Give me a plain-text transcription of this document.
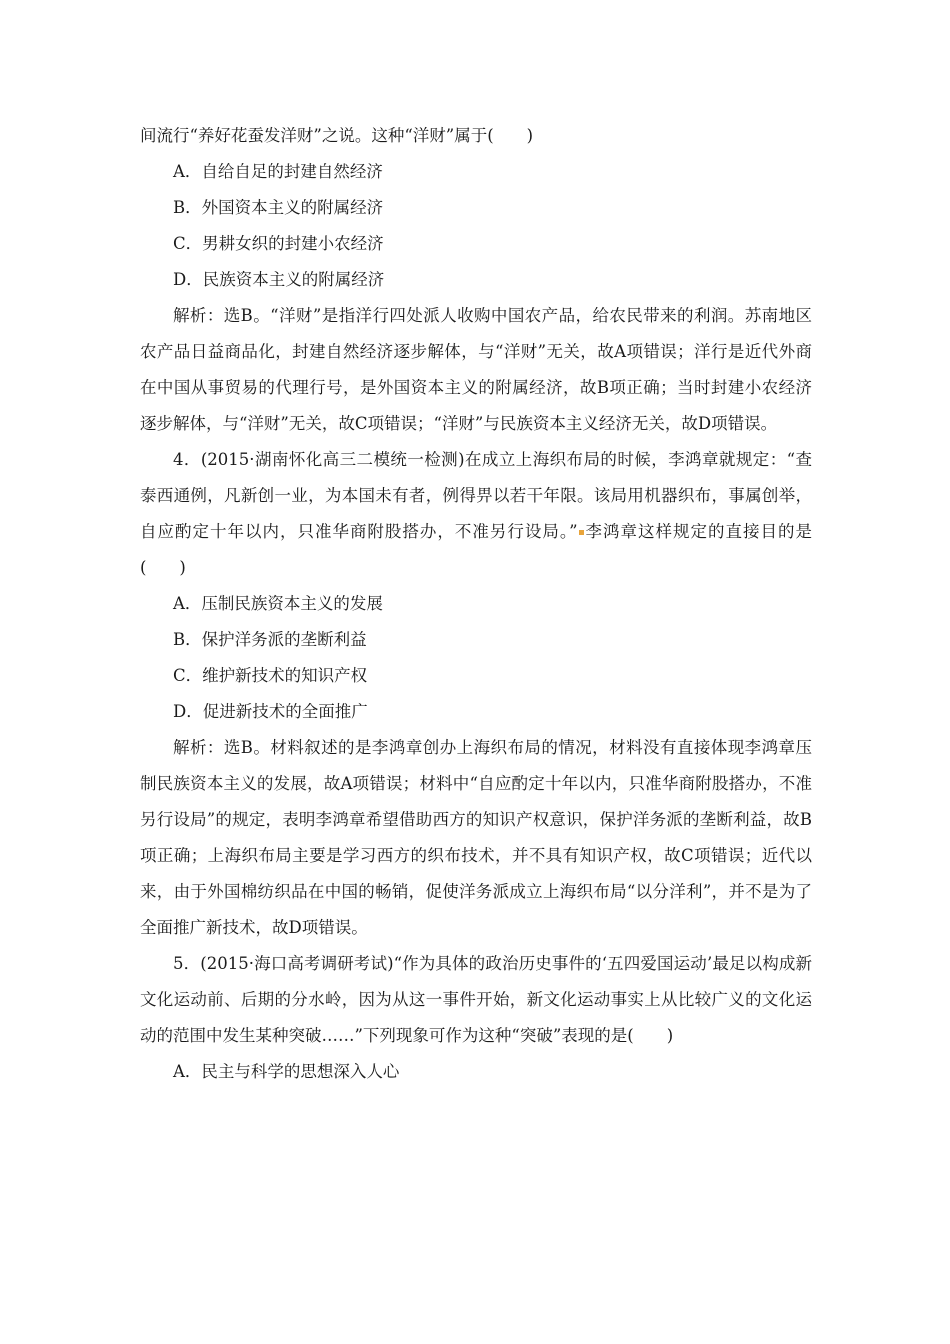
间流行“养好花蚕发洋财”之说。这种“洋财”属于(　　)

A．自给自足的封建自然经济

B．外国资本主义的附属经济

C．男耕女织的封建小农经济

D．民族资本主义的附属经济

解析：选B。“洋财”是指洋行四处派人收购中国农产品，给农民带来的利润。苏南地区农产品日益商品化，封建自然经济逐步解体，与“洋财”无关，故A项错误；洋行是近代外商在中国从事贸易的代理行号，是外国资本主义的附属经济，故B项正确；当时封建小农经济逐步解体，与“洋财”无关，故C项错误；“洋财”与民族资本主义经济无关，故D项错误。

4．(2015·湖南怀化高三二模统一检测)在成立上海织布局的时候，李鸿章就规定：“查泰西通例，凡新创一业，为本国未有者，例得畀以若干年限。该局用机器织布，事属创举，自应酌定十年以内，只准华商附股搭办，不准另行设局。” 李鸿章这样规定的直接目的是(　　)

A．压制民族资本主义的发展

B．保护洋务派的垄断利益

C．维护新技术的知识产权

D．促进新技术的全面推广

解析：选B。材料叙述的是李鸿章创办上海织布局的情况，材料没有直接体现李鸿章压制民族资本主义的发展，故A项错误；材料中“自应酌定十年以内，只准华商附股搭办，不准另行设局”的规定，表明李鸿章希望借助西方的知识产权意识，保护洋务派的垄断利益，故B项正确；上海织布局主要是学习西方的织布技术，并不具有知识产权，故C项错误；近代以来，由于外国棉纺织品在中国的畅销，促使洋务派成立上海织布局“以分洋利”，并不是为了全面推广新技术，故D项错误。

5．(2015·海口高考调研考试)“作为具体的政治历史事件的‘五四爱国运动’最足以构成新文化运动前、后期的分水岭，因为从这一事件开始，新文化运动事实上从比较广义的文化运动的范围中发生某种突破……”下列现象可作为这种“突破”表现的是(　　)

A．民主与科学的思想深入人心
